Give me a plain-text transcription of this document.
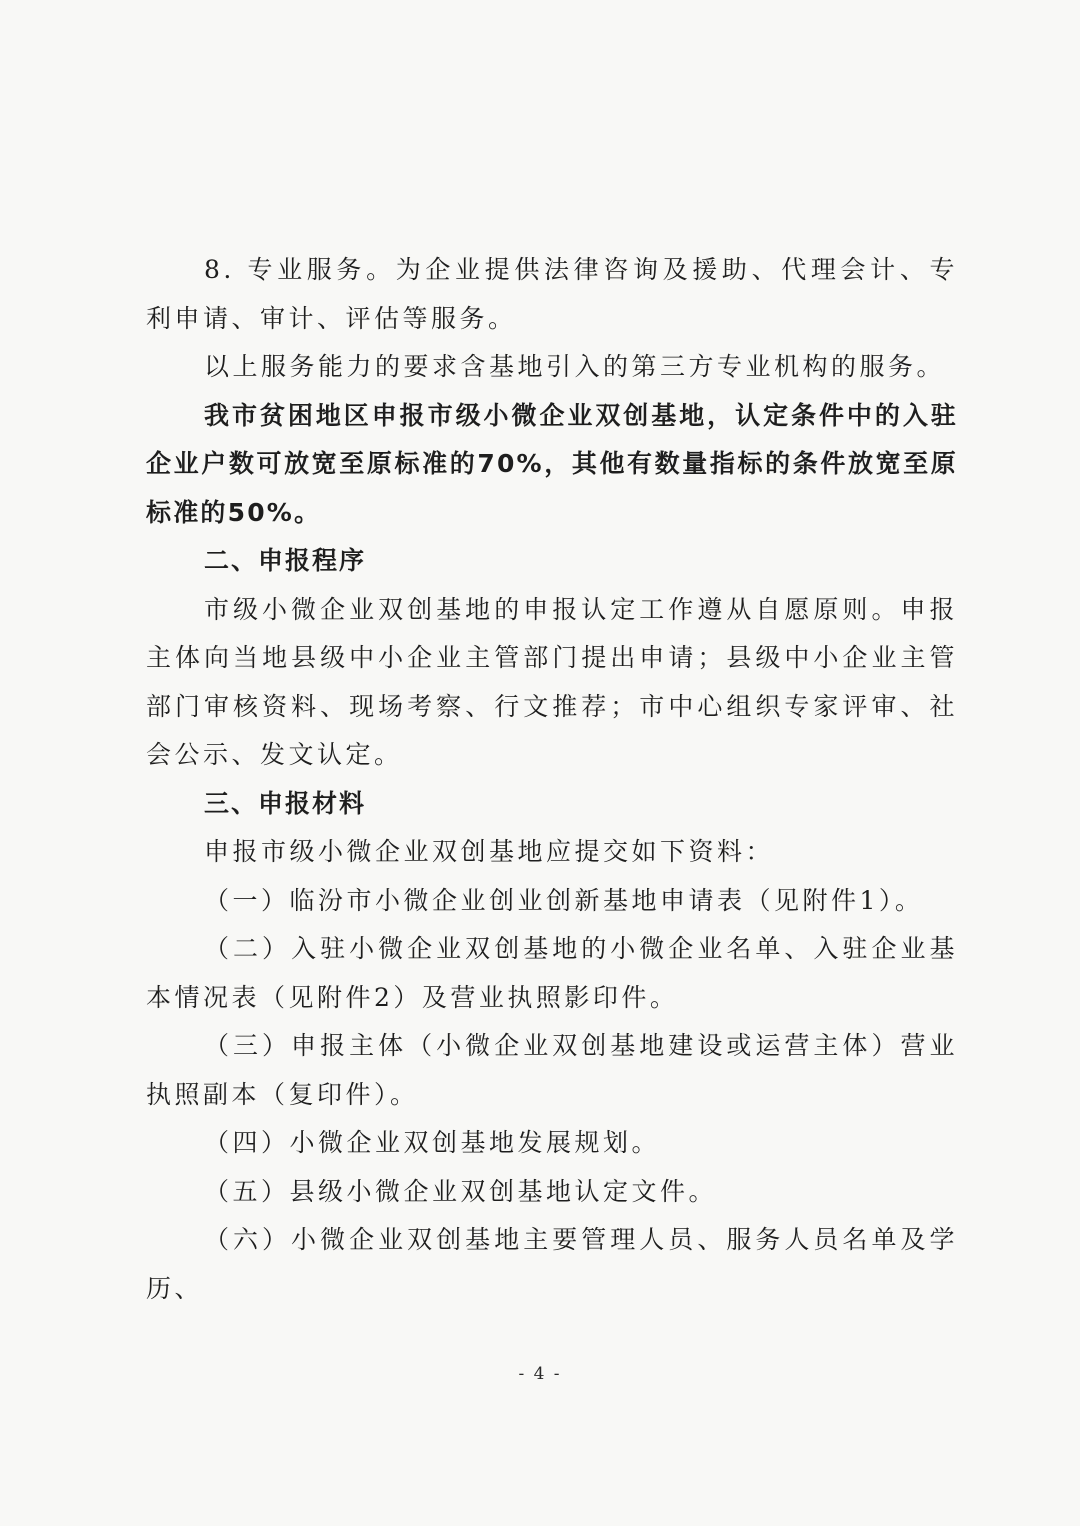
8. 专业服务。为企业提供法律咨询及援助、代理会计、专利申请、审计、评估等服务。

以上服务能力的要求含基地引入的第三方专业机构的服务。

我市贫困地区申报市级小微企业双创基地，认定条件中的入驻企业户数可放宽至原标准的70%，其他有数量指标的条件放宽至原标准的50%。

二、申报程序

市级小微企业双创基地的申报认定工作遵从自愿原则。申报主体向当地县级中小企业主管部门提出申请；县级中小企业主管部门审核资料、现场考察、行文推荐；市中心组织专家评审、社会公示、发文认定。

三、申报材料

申报市级小微企业双创基地应提交如下资料：

（一）临汾市小微企业创业创新基地申请表（见附件1）。

（二）入驻小微企业双创基地的小微企业名单、入驻企业基本情况表（见附件2）及营业执照影印件。

（三）申报主体（小微企业双创基地建设或运营主体）营业执照副本（复印件）。

（四）小微企业双创基地发展规划。

（五）县级小微企业双创基地认定文件。

（六）小微企业双创基地主要管理人员、服务人员名单及学历、

- 4 -
